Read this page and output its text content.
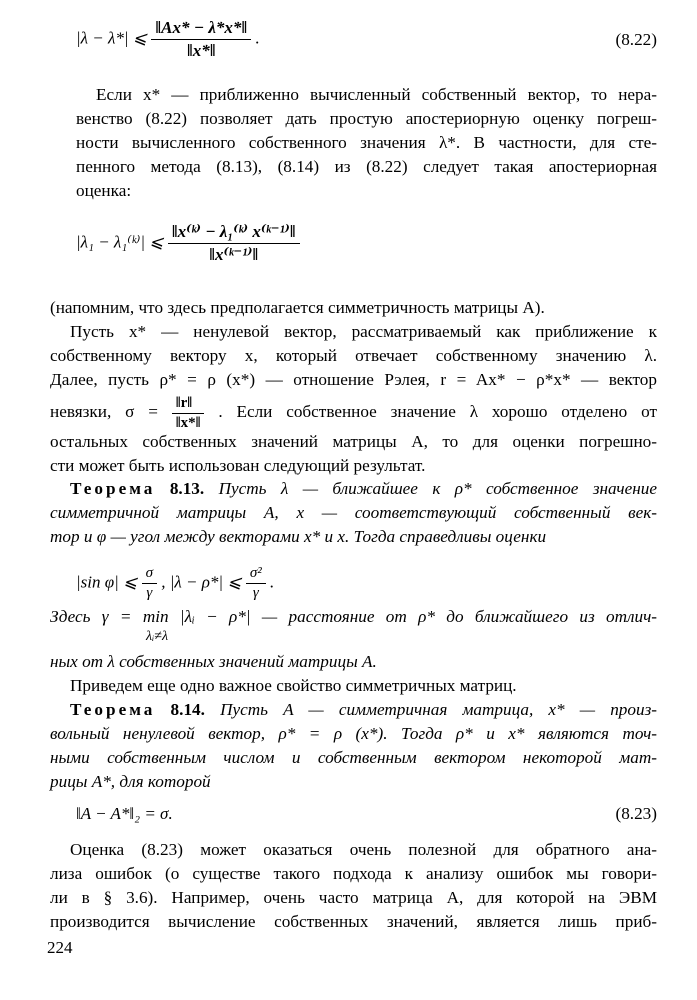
|λ − λ*| ⩽ $\frac{‖Ax* - \lambda*x*‖}{‖x*‖}$ .	(8.22)
Если x* — приближенно вычисленный собственный вектор, то нера-
венство (8.22) позволяет дать простую апостериорную оценку погреш-
ности вычисленного собственного значения λ*. В частности, для сте-
пенного метода (8.13), (8.14) из (8.22) следует такая апостериорная
оценка:
|λ₁ − λ₁⁽ᵏ⁾| ⩽ $\frac{\text{‖x⁽ᵏ⁾ − λ₁⁽ᵏ⁾ x⁽ᵏ⁻¹⁾‖}}{\text{‖x⁽ᵏ⁻¹⁾‖}}$
(напомним, что здесь предполагается симметричность матрицы A).
Пусть x* — ненулевой вектор, рассматриваемый как приближение к
собственному вектору x, который отвечает собственному значению λ.
Далее, пусть ρ* = ρ (x*) — отношение Рэлея, r = Ax* − ρ*x* — вектор
невязки, $\sigma = \frac{‖r‖}{‖x*‖}$ . Если собственное значение λ хорошо отделено от
остальных собственных значений матрицы A, то для оценки погрешно-
сти может быть использован следующий результат.
Теорема 8.13. Пусть λ — ближайшее к ρ* собственное значение
симметричной матрицы A, x — соответствующий собственный век-
тор и φ — угол между векторами x* и x. Тогда справедливы оценки
|sin φ| ⩽ $\frac{\sigma}{\gamma}$ , |λ − ρ*| ⩽ $\frac{\text{σ²}}{\gamma}$ .
Здесь γ = min |λᵢ − ρ*| — расстояние от ρ* до ближайшего из отлич-
λᵢ≠λ
ных от λ собственных значений матрицы A.
Приведем еще одно важное свойство симметричных матриц.
Теорема 8.14. Пусть A — симметричная матрица, x* — произ-
вольный ненулевой вектор, ρ* = ρ (x*). Тогда ρ* и x* являются точ-
ными собственным числом и собственным вектором некоторой мат-
рицы A*, для которой
‖A − A*‖₂ = σ.	(8.23)
Оценка (8.23) может оказаться очень полезной для обратного ана-
лиза ошибок (о существе такого подхода к анализу ошибок мы говори-
ли в § 3.6). Например, очень часто матрица A, для которой на ЭВМ
производится вычисление собственных значений, является лишь приб-
224
